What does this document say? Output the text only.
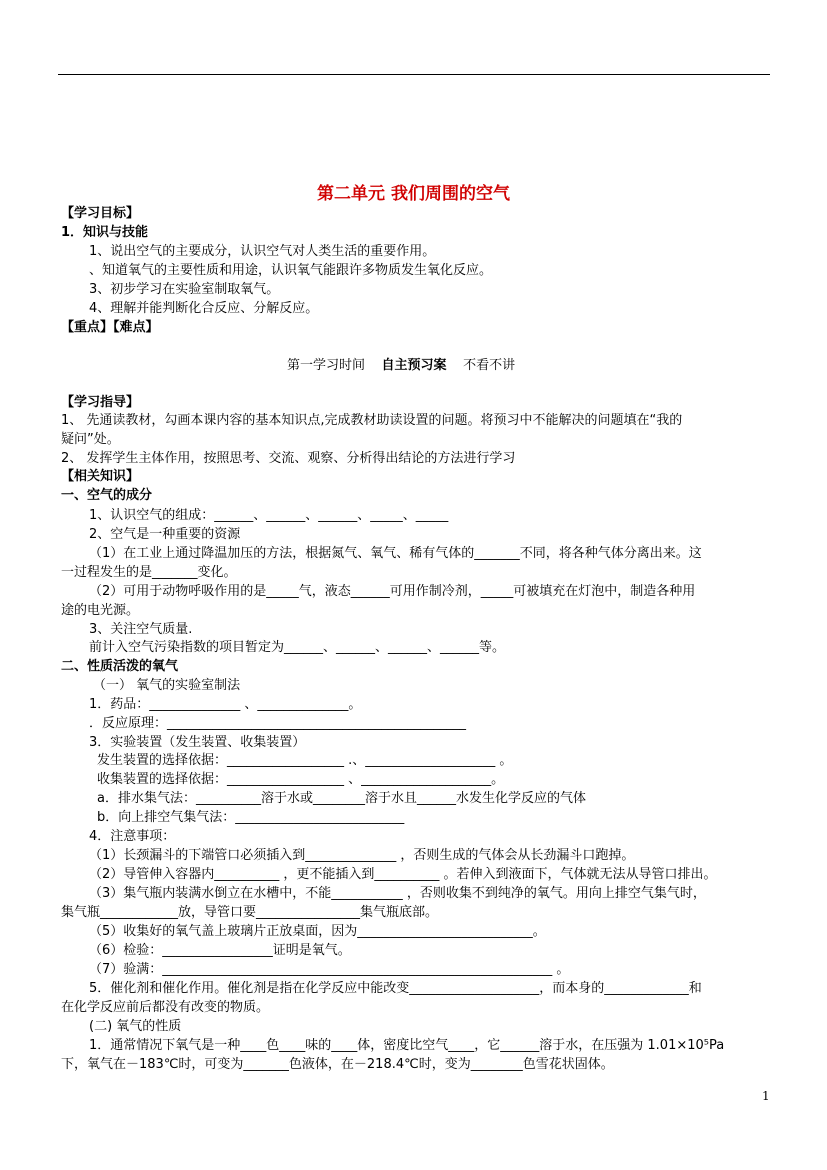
第二单元 我们周围的空气
【学习目标】
1．知识与技能
1、说出空气的主要成分，认识空气对人类生活的重要作用。
、知道氧气的主要性质和用途，认识氧气能跟许多物质发生氧化反应。
3、初步学习在实验室制取氧气。
4、理解并能判断化合反应、分解反应。
【重点】【难点】
第一学习时间 自主预习案 不看不讲
【学习指导】
1、 先通读教材，勾画本课内容的基本知识点,完成教材助读设置的问题。将预习中不能解决的问题填在“我的
疑问”处。
2、 发挥学生主体作用，按照思考、交流、观察、分析得出结论的方法进行学习
【相关知识】
一、空气的成分
1、认识空气的组成：______、______、______、_____、_____
2、空气是一种重要的资源
（1）在工业上通过降温加压的方法，根据氮气、氧气、稀有气体的_______不同，将各种气体分离出来。这
一过程发生的是_______变化。
（2）可用于动物呼吸作用的是_____气，液态______可用作制冷剂，_____可被填充在灯泡中，制造各种用
途的电光源。
3、关注空气质量.
前计入空气污染指数的项目暂定为______、______、______、______等。
二、性质活泼的氧气
（一） 氧气的实验室制法
1．药品：______________ 、______________。
．反应原理：______________________________________________
3．实验装置（发生装置、收集装置）
发生装置的选择依据：__________________ .、____________________ 。
收集装置的选择依据：__________________ 、____________________。
a．排水集气法：__________溶于水或________溶于水且______水发生化学反应的气体
b．向上排空气集气法：__________________________
4．注意事项：
（1）长颈漏斗的下端管口必须插入到______________ ，否则生成的气体会从长劲漏斗口跑掉。
（2）导管伸入容器内__________ ，更不能插入到__________ 。若伸入到液面下，气体就无法从导管口排出。
（3）集气瓶内装满水倒立在水槽中，不能___________ ，否则收集不到纯净的氧气。用向上排空气集气时，
集气瓶____________放，导管口要________________集气瓶底部。
（5）收集好的氧气盖上玻璃片正放桌面，因为___________________________。
（6）检验：_________________证明是氧气。
（7）验满：____________________________________________________________ 。
5．催化剂和催化作用。催化剂是指在化学反应中能改变____________________，而本身的_____________和
在化学反应前后都没有改变的物质。
(二) 氧气的性质
1．通常情况下氧气是一种____色____味的____体，密度比空气____，它______溶于水，在压强为 1.01×10⁵Pa
下，氧气在－183℃时，可变为_______色液体，在－218.4℃时，变为________色雪花状固体。
1
